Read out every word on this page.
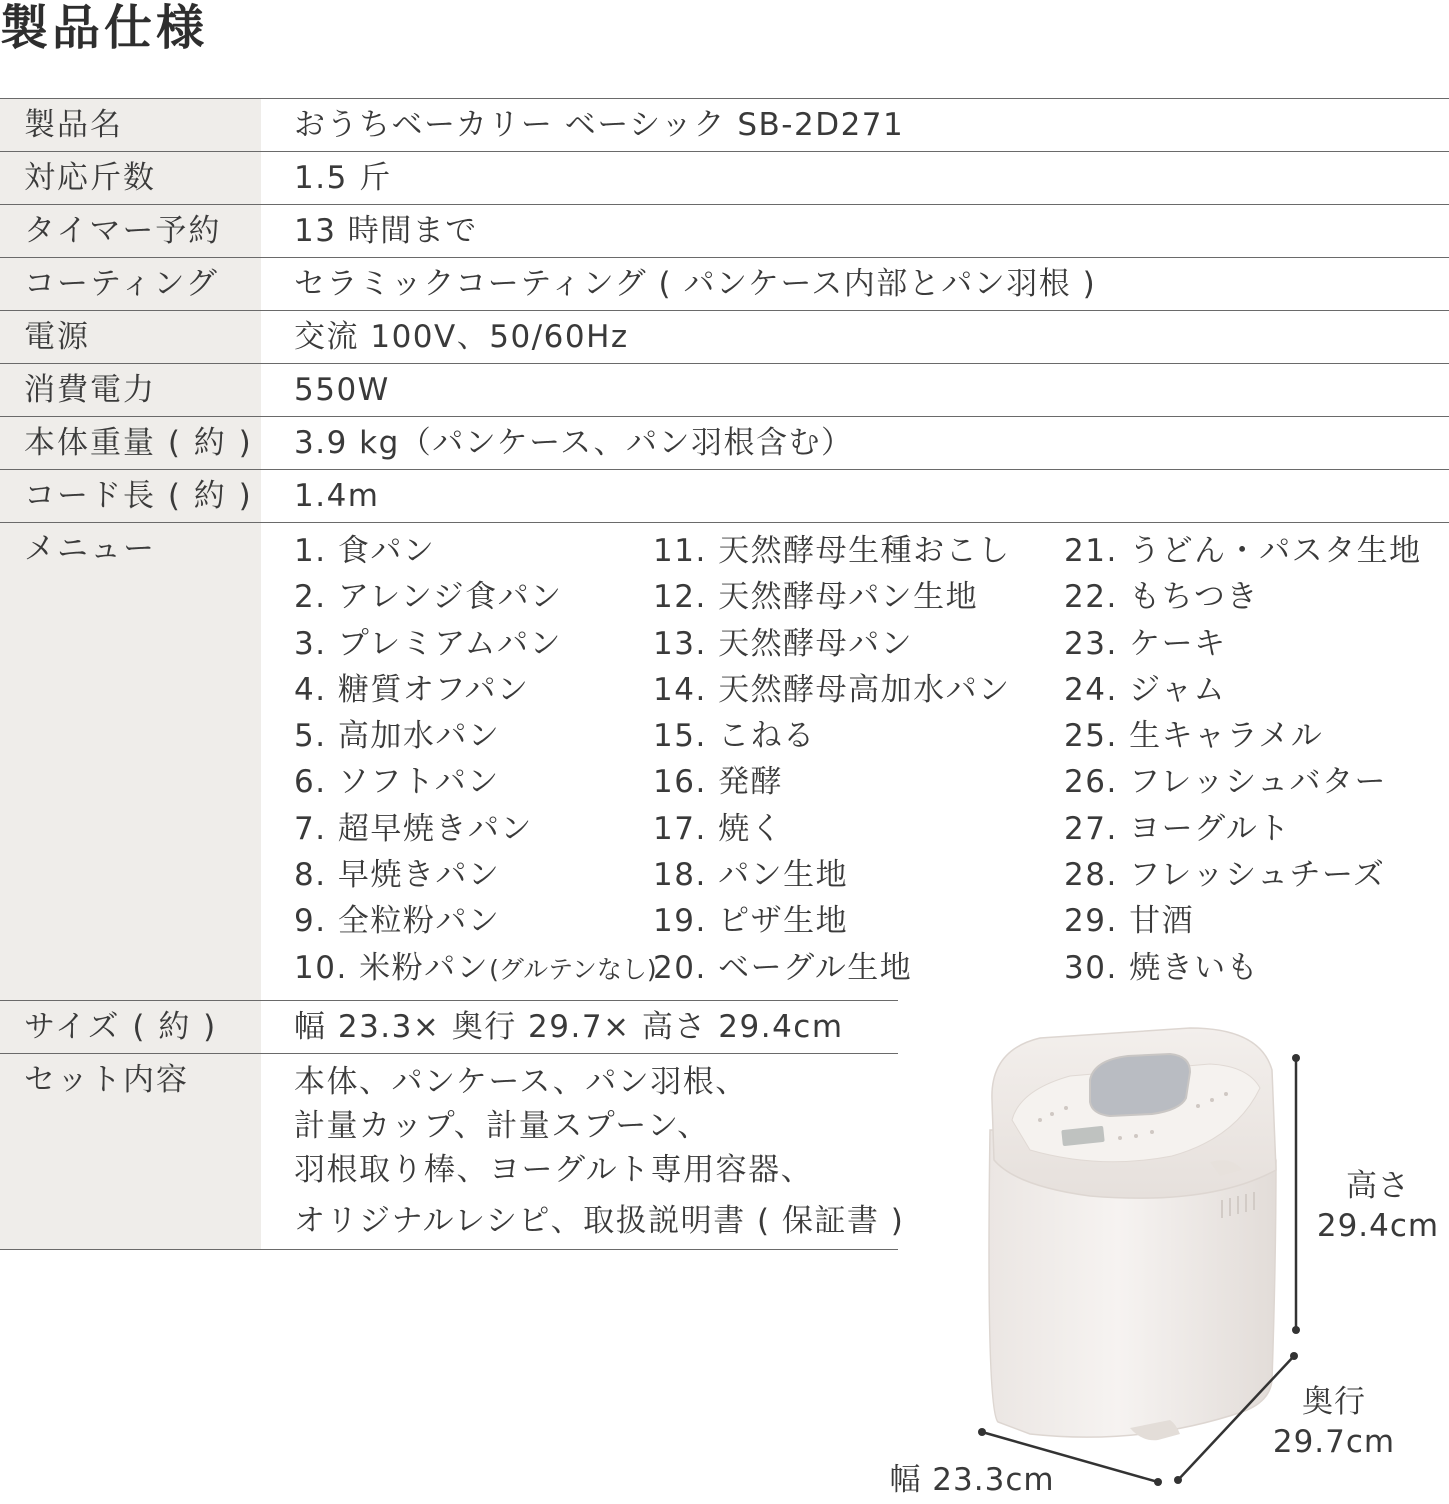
製品仕様
製品名	おうちベーカリー ベーシック SB-2D271
対応斤数	1.5 斤
タイマー予約	13 時間まで
コーティング	セラミックコーティング ( パンケース内部とパン羽根 )
電源	交流 100V、50/60Hz
消費電力	550W
本体重量 ( 約 ) 3.9 kg（パンケース、パン羽根含む）
コード長 ( 約 ) 1.4m
メニュー	1. 食パン
2. アレンジ食パン
3. プレミアムパン
4. 糖質オフパン
5. 高加水パン
6. ソフトパン
7. 超早焼きパン
8. 早焼きパン
9. 全粒粉パン
10. 米粉パン(グルテンなし)
11. 天然酵母生種おこし
12. 天然酵母パン生地
13. 天然酵母パン
14. 天然酵母高加水パン
15. こねる
16. 発酵
17. 焼く
18. パン生地
19. ピザ生地
20. ベーグル生地
21. うどん・パスタ生地
22. もちつき
23. ケーキ
24. ジャム
25. 生キャラメル
26. フレッシュバター
27. ヨーグルト
28. フレッシュチーズ
29. 甘酒
30. 焼きいも
サイズ ( 約 )	幅 23.3× 奥行 29.7× 高さ 29.4cm
セット内容	本体、パンケース、パン羽根、
計量カップ、計量スプーン、
羽根取り棒、ヨーグルト専用容器、
オリジナルレシピ、取扱説明書 ( 保証書 )
高さ
29.4cm
奥行
29.7cm
幅 23.3cm
